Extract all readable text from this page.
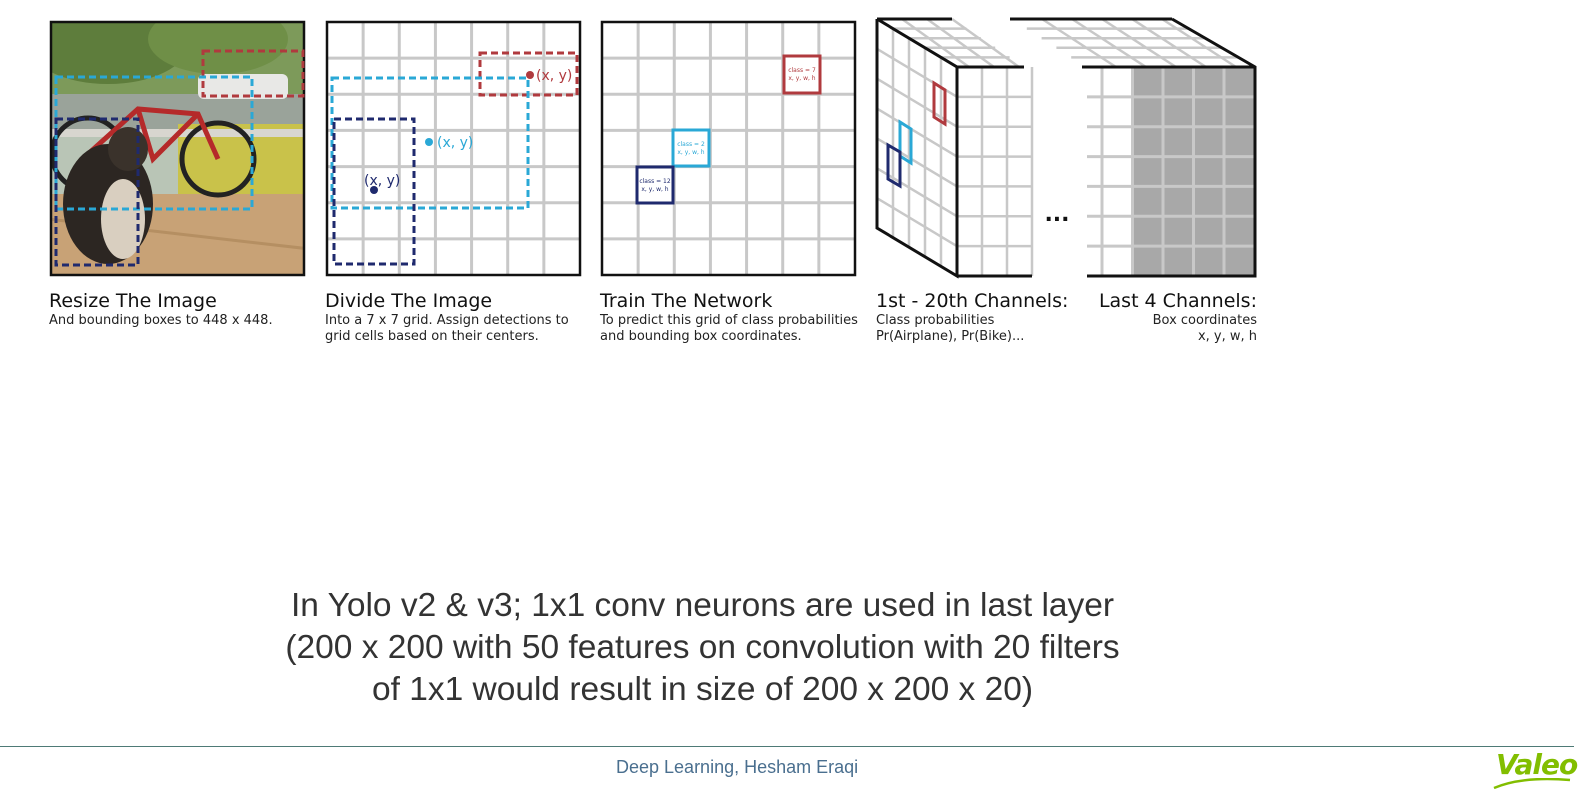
(x, y)
(x, y)
(x, y)
class = 7
x, y, w, h
class = 2
x, y, w, h
class = 12
x, y, w, h
...
Resize The Image
And bounding boxes to 448 x 448.
Divide The Image
Into a 7 x 7 grid. Assign detections to
grid cells based on their centers.
Train The Network
To predict this grid of class probabilities
and bounding box coordinates.
1st - 20th Channels:
Class probabilities
Pr(Airplane), Pr(Bike)...
Last 4 Channels:
Box coordinates
x, y, w, h
In Yolo v2 & v3; 1x1 conv neurons are used in last layer
(200 x 200 with 50 features on convolution with 20 filters
of 1x1 would result in size of 200 x 200 x 20)
Deep Learning, Hesham Eraqi	Valeo
